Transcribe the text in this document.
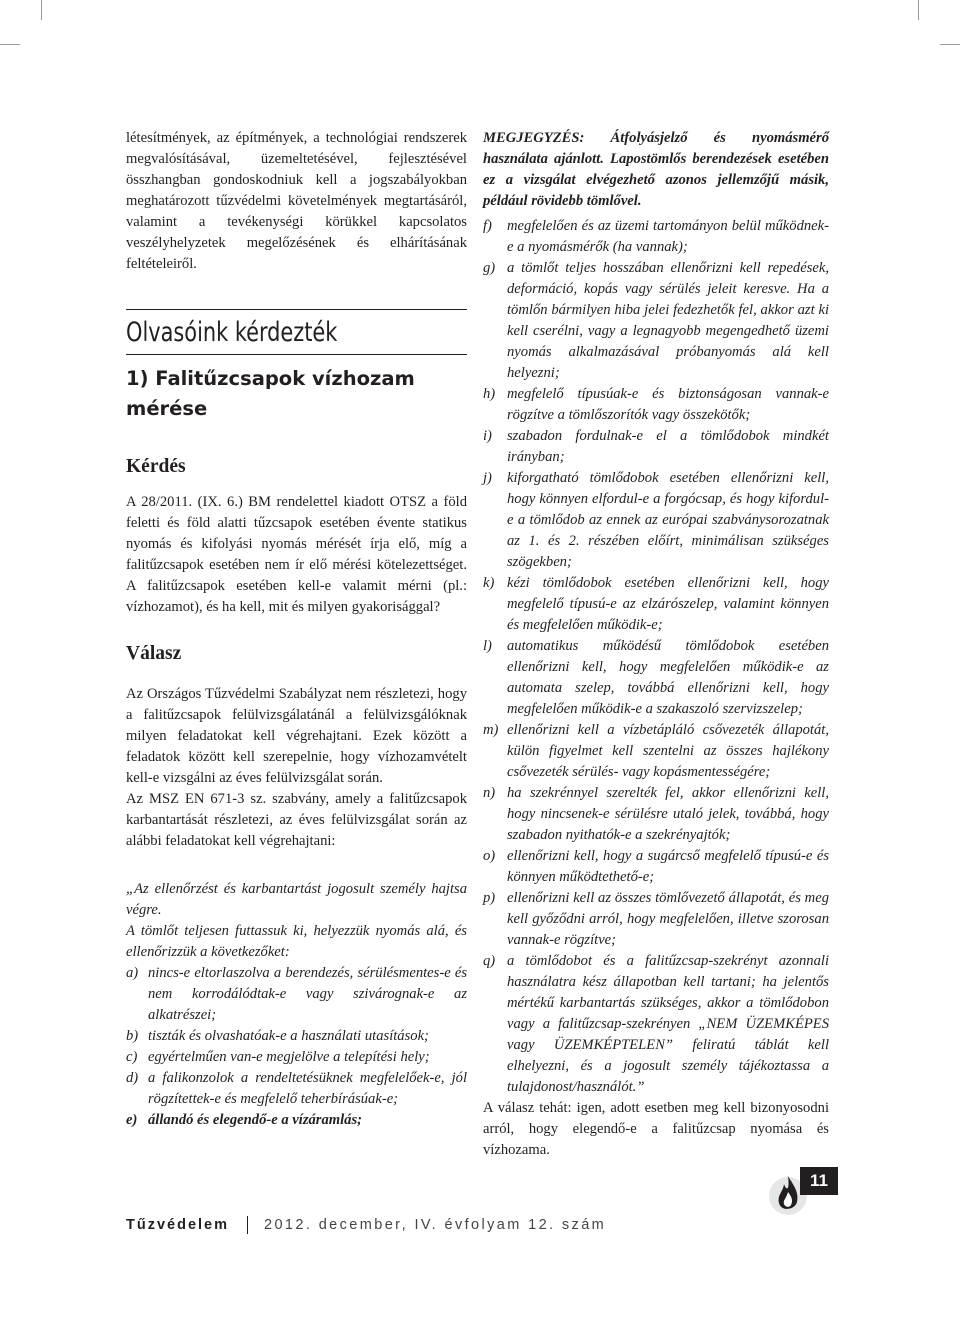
létesítmények, az építmények, a technológiai rendszerek megvalósításával, üzemeltetésével, fejlesztésével összhangban gondoskodniuk kell a jogszabályokban meghatározott tűzvédelmi követelmények megtartásáról, valamint a tevékenységi körükkel kapcsolatos veszélyhelyzetek megelőzésének és elhárításának feltételeiről.

Olvasóink kérdezték
1) Falitűzcsapok vízhozam mérése
Kérdés

A 28/2011. (IX. 6.) BM rendelettel kiadott OTSZ a föld feletti és föld alatti tűzcsapok esetében évente statikus nyomás és kifolyási nyomás mérését írja elő, míg a falitűzcsapok esetében nem ír elő mérési kötelezettséget. A falitűzcsapok esetében kell-e valamit mérni (pl.: vízhozamot), és ha kell, mit és milyen gyakorisággal?

Válasz

Az Országos Tűzvédelmi Szabályzat nem részletezi, hogy a falitűzcsapok felülvizsgálatánál a felülvizsgálóknak milyen feladatokat kell végrehajtani. Ezek között a feladatok között kell szerepelnie, hogy vízhozamvételt kell-e vizsgálni az éves felülvizsgálat során.

Az MSZ EN 671-3 sz. szabvány, amely a falitűzcsapok karbantartását részletezi, az éves felülvizsgálat során az alábbi feladatokat kell végrehajtani:

„Az ellenőrzést és karbantartást jogosult személy hajtsa végre.

A tömlőt teljesen futtassuk ki, helyezzük nyomás alá, és ellenőrizzük a következőket:

a) nincs-e eltorlaszolva a berendezés, sérülésmentes-e és nem korrodálódtak-e vagy szivárognak-e az alkatrészei;
b) tiszták és olvashatóak-e a használati utasítások;
c) egyértelműen van-e megjelölve a telepítési hely;
d) a falikonzolok a rendeltetésüknek megfelelőek-e, jól rögzítettek-e és megfelelő teherbírásúak-e;
e) állandó és elegendő-e a vízáramlás;

MEGJEGYZÉS: Átfolyásjelző és nyomásmérő használata ajánlott. Lapostömlős berendezések esetében ez a vizsgálat elvégezhető azonos jellemzőjű másik, például rövidebb tömlővel.

f)	megfelelően és az üzemi tartományon belül működnek-e a nyomásmérők (ha vannak);
g) a tömlőt teljes hosszában ellenőrizni kell repedések, deformáció, kopás vagy sérülés jeleit keresve. Ha a tömlőn bármilyen hiba jelei fedezhetők fel, akkor azt ki kell cserélni, vagy a legnagyobb megengedhető üzemi nyomás alkalmazásával próbanyomás alá kell helyezni;
h) megfelelő típusúak-e és biztonságosan vannak-e rögzítve a tömlőszorítók vagy összekötők;
i)	szabadon fordulnak-e el a tömlődobok mindkét irányban;
j)	kiforgatható tömlődobok esetében ellenőrizni kell, hogy könnyen elfordul-e a forgócsap, és hogy kifordul-e a tömlődob az ennek az európai szabványsorozatnak az 1. és 2. részében előírt, minimálisan szükséges szögekben;
k) kézi tömlődobok esetében ellenőrizni kell, hogy megfelelő típusú-e az elzárószelep, valamint könnyen és megfelelően működik-e;
l)	automatikus működésű tömlődobok esetében ellenőrizni kell, hogy megfelelően működik-e az automata szelep, továbbá ellenőrizni kell, hogy megfelelően működik-e a szakaszoló szervizszelep;
m) ellenőrizni kell a vízbetápláló csővezeték állapotát, külön figyelmet kell szentelni az összes hajlékony csővezeték sérülés- vagy kopásmentességére;
n) ha szekrénnyel szerelték fel, akkor ellenőrizni kell, hogy nincsenek-e sérülésre utaló jelek, továbbá, hogy szabadon nyithatók-e a szekrényajtók;
o) ellenőrizni kell, hogy a sugárcső megfelelő típusú-e és könnyen működtethető-e;
p) ellenőrizni kell az összes tömlővezető állapotát, és meg kell győződni arról, hogy megfelelően, illetve szorosan vannak-e rögzítve;
q) a tömlődobot és a falitűzcsap-szekrényt azonnali használatra kész állapotban kell tartani; ha jelentős mértékű karbantartás szükséges, akkor a tömlődobon vagy a falitűzcsap-szekrényen „NEM ÜZEMKÉPES vagy ÜZEMKÉPTELEN” feliratú táblát kell elhelyezni, és a jogosult személy tájékoztassa a tulajdonost/használót.”

A válasz tehát: igen, adott esetben meg kell bizonyosodni arról, hogy elegendő-e a falitűzcsap nyomása és vízhozama.

11
Tűzvédelem 2012. december, IV. évfolyam 12. szám
